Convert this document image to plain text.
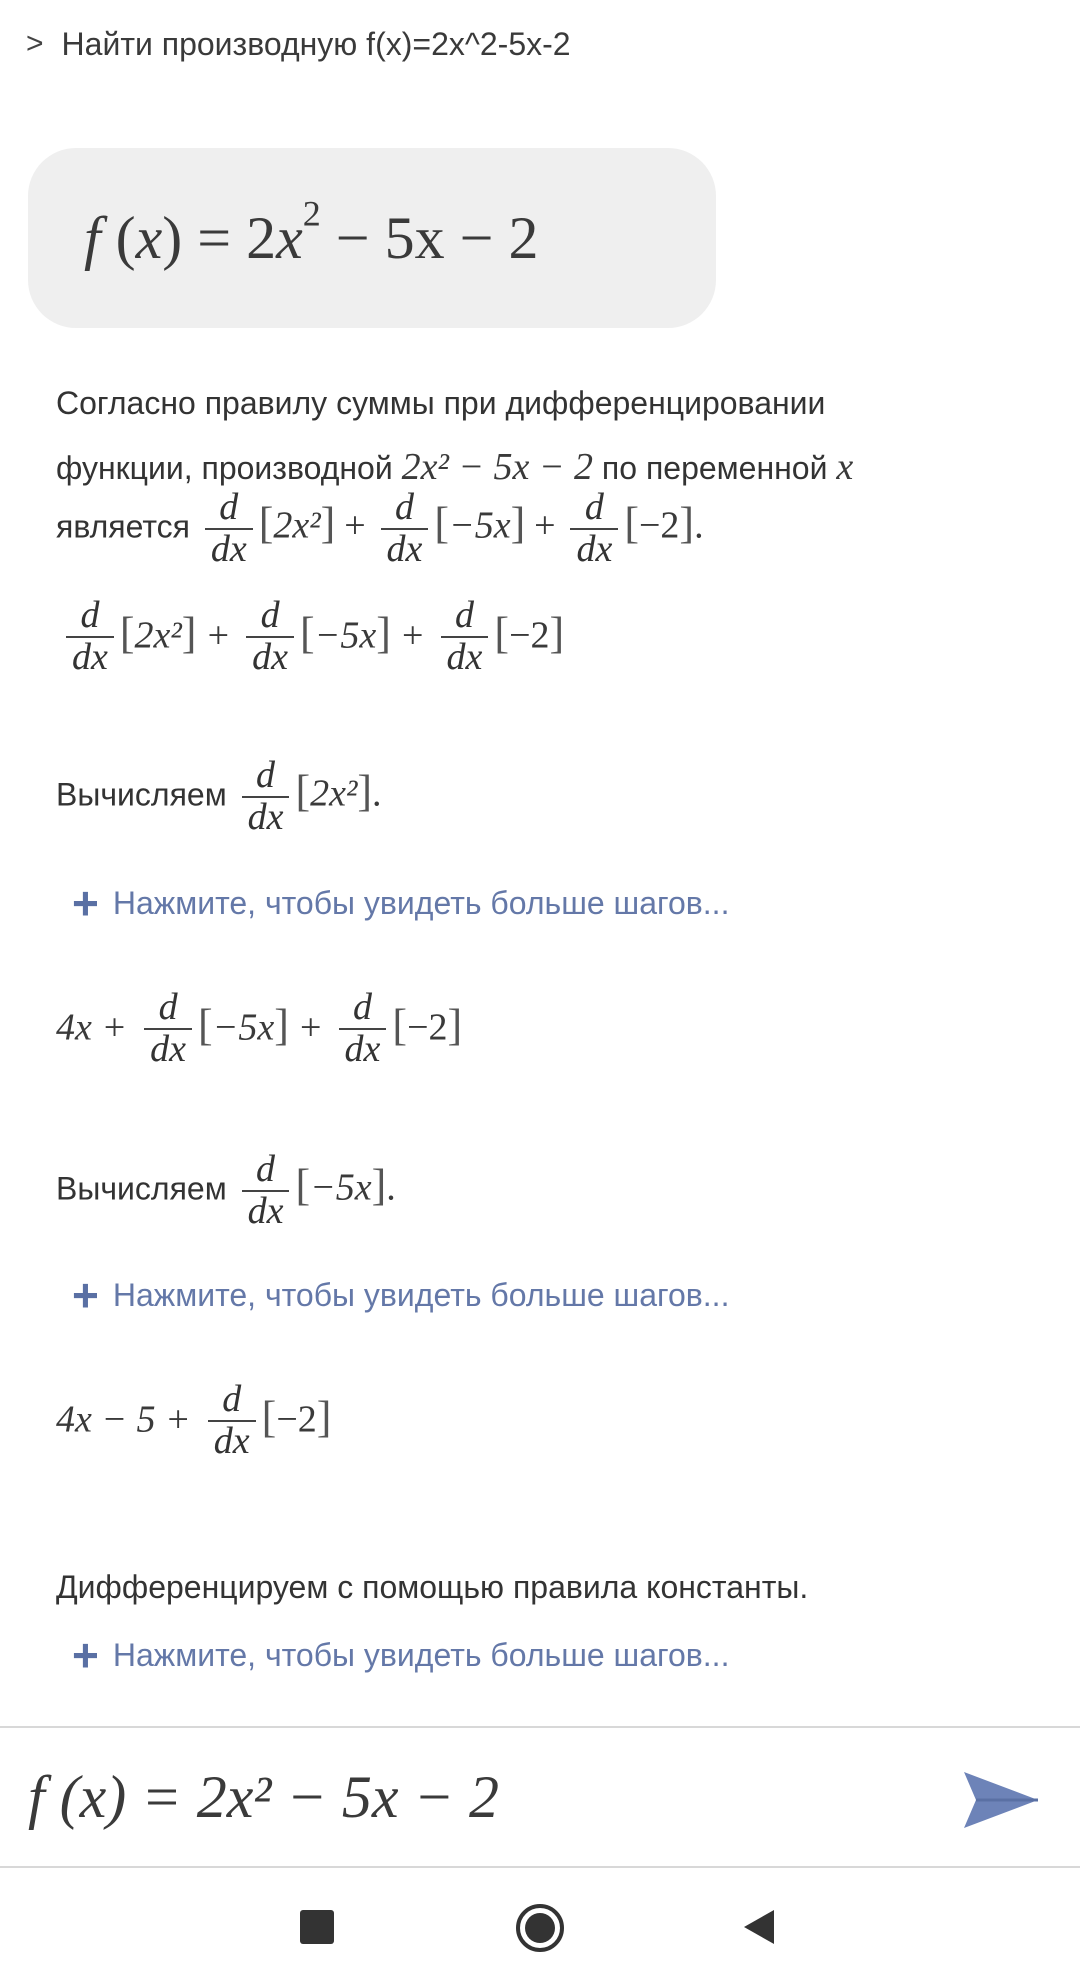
> Найти производную f(x)=2x^2-5x-2
f $(x) = 2x^2 - 5x - 2$
Согласно правилу суммы при дифференцировании
функции, производной 2x² − 5x − 2 по переменной x
является $\frac{d}{dx} [2x^2] + \frac{d}{dx} [-5x] + \frac{d}{dx} [-2]$.
$\frac{d}{dx} [2x^2] + \frac{d}{dx} [-5x] + \frac{d}{dx} [-2]$
Вычисляем $\frac{d}{dx} [2x^2]$.
+ Нажмите, чтобы увидеть больше шагов...
$4x + \frac{d}{dx} [-5x] + \frac{d}{dx} [-2]$
Вычисляем $\frac{d}{dx} [-5x]$.
+ Нажмите, чтобы увидеть больше шагов...
$4x - 5 + \frac{d}{dx} [-2]$
Дифференцируем с помощью правила константы.
+ Нажмите, чтобы увидеть больше шагов...
f (x) = 2x² − 5x − 2
